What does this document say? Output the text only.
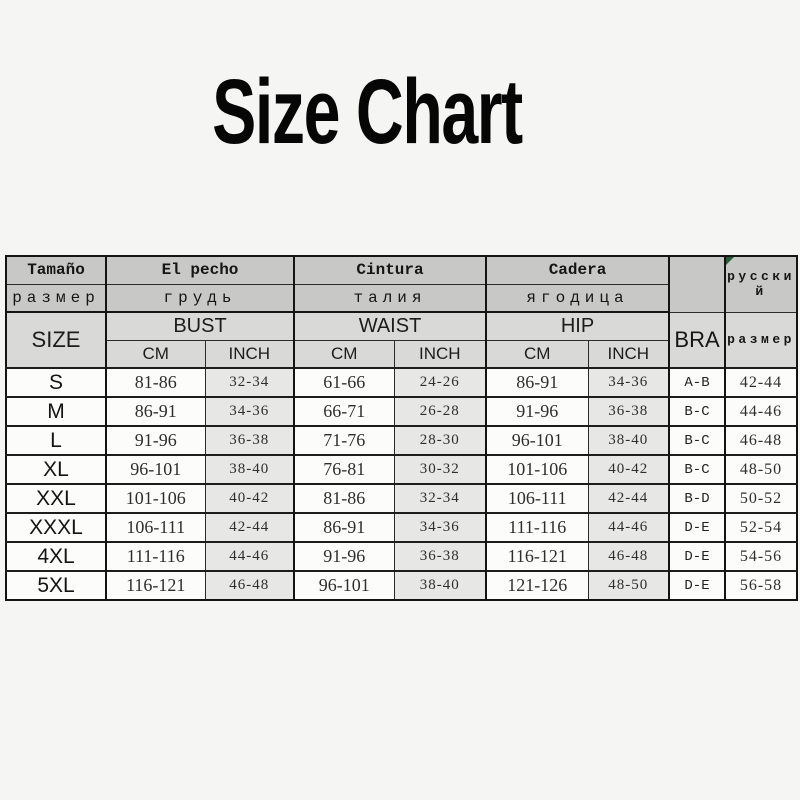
Size Chart
Tamaño	El pecho		Cintura		Cadera			русский
размер	грудь		талия		ягодица			
SIZE	BUST		WAIST		HIP		BRA	размер
	CM	INCH	CM	INCH	CM	INCH		
S	81-86	32-34	61-66	24-26	86-91	34-36	A-B	42-44
M	86-91	34-36	66-71	26-28	91-96	36-38	B-C	44-46
L	91-96	36-38	71-76	28-30	96-101	38-40	B-C	46-48
XL	96-101	38-40	76-81	30-32	101-106	40-42	B-C	48-50
XXL	101-106	40-42	81-86	32-34	106-111	42-44	B-D	50-52
XXXL	106-111	42-44	86-91	34-36	111-116	44-46	D-E	52-54
4XL	111-116	44-46	91-96	36-38	116-121	46-48	D-E	54-56
5XL	116-121	46-48	96-101	38-40	121-126	48-50	D-E	56-58
